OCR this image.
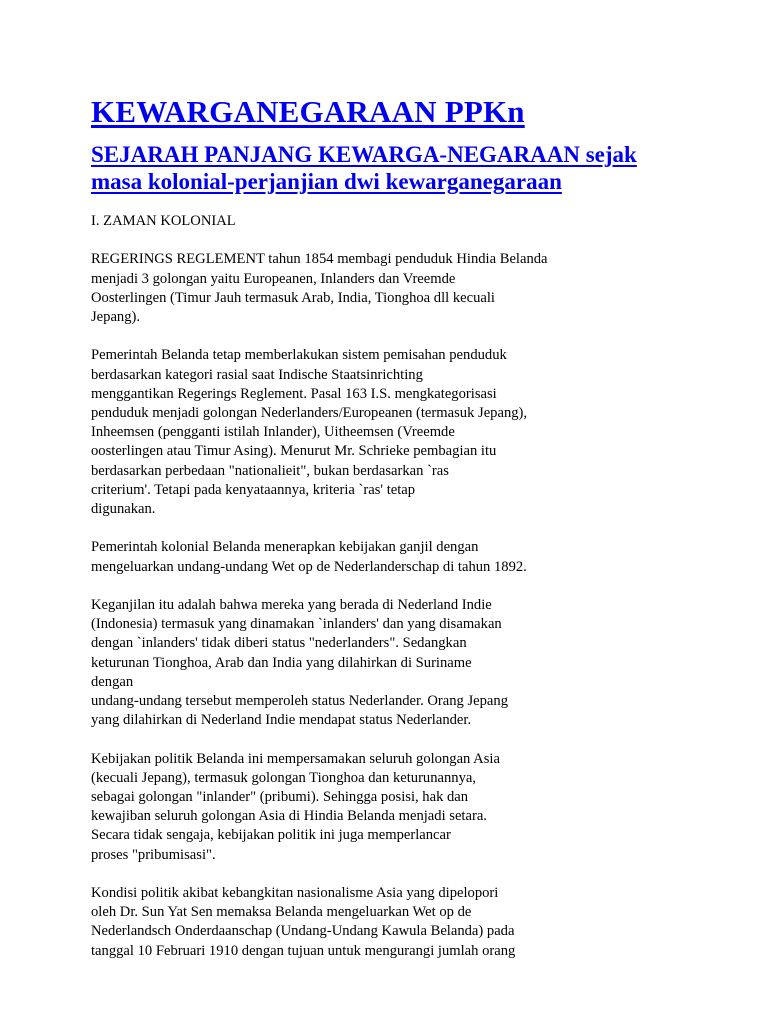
KEWARGANEGARAAN PPKn
SEJARAH PANJANG KEWARGA-NEGARAAN sejak
masa kolonial-perjanjian dwi kewarganegaraan

I. ZAMAN KOLONIAL

REGERINGS REGLEMENT tahun 1854 membagi penduduk Hindia Belanda
menjadi 3 golongan yaitu Europeanen, Inlanders dan Vreemde
Oosterlingen (Timur Jauh termasuk Arab, India, Tionghoa dll kecuali
Jepang).

Pemerintah Belanda tetap memberlakukan sistem pemisahan penduduk
berdasarkan kategori rasial saat Indische Staatsinrichting
menggantikan Regerings Reglement. Pasal 163 I.S. mengkategorisasi
penduduk menjadi golongan Nederlanders/Europeanen (termasuk Jepang),
Inheemsen (pengganti istilah Inlander), Uitheemsen (Vreemde
oosterlingen atau Timur Asing). Menurut Mr. Schrieke pembagian itu
berdasarkan perbedaan "nationalieit", bukan berdasarkan `ras
criterium'. Tetapi pada kenyataannya, kriteria `ras' tetap
digunakan.

Pemerintah kolonial Belanda menerapkan kebijakan ganjil dengan
mengeluarkan undang-undang Wet op de Nederlanderschap di tahun 1892.

Keganjilan itu adalah bahwa mereka yang berada di Nederland Indie
(Indonesia) termasuk yang dinamakan `inlanders' dan yang disamakan
dengan `inlanders' tidak diberi status "nederlanders". Sedangkan
keturunan Tionghoa, Arab dan India yang dilahirkan di Suriname
dengan
undang-undang tersebut memperoleh status Nederlander. Orang Jepang
yang dilahirkan di Nederland Indie mendapat status Nederlander.

Kebijakan politik Belanda ini mempersamakan seluruh golongan Asia
(kecuali Jepang), termasuk golongan Tionghoa dan keturunannya,
sebagai golongan "inlander" (pribumi). Sehingga posisi, hak dan
kewajiban seluruh golongan Asia di Hindia Belanda menjadi setara.
Secara tidak sengaja, kebijakan politik ini juga memperlancar
proses "pribumisasi".

Kondisi politik akibat kebangkitan nasionalisme Asia yang dipelopori
oleh Dr. Sun Yat Sen memaksa Belanda mengeluarkan Wet op de
Nederlandsch Onderdaanschap (Undang-Undang Kawula Belanda) pada
tanggal 10 Februari 1910 dengan tujuan untuk mengurangi jumlah orang
